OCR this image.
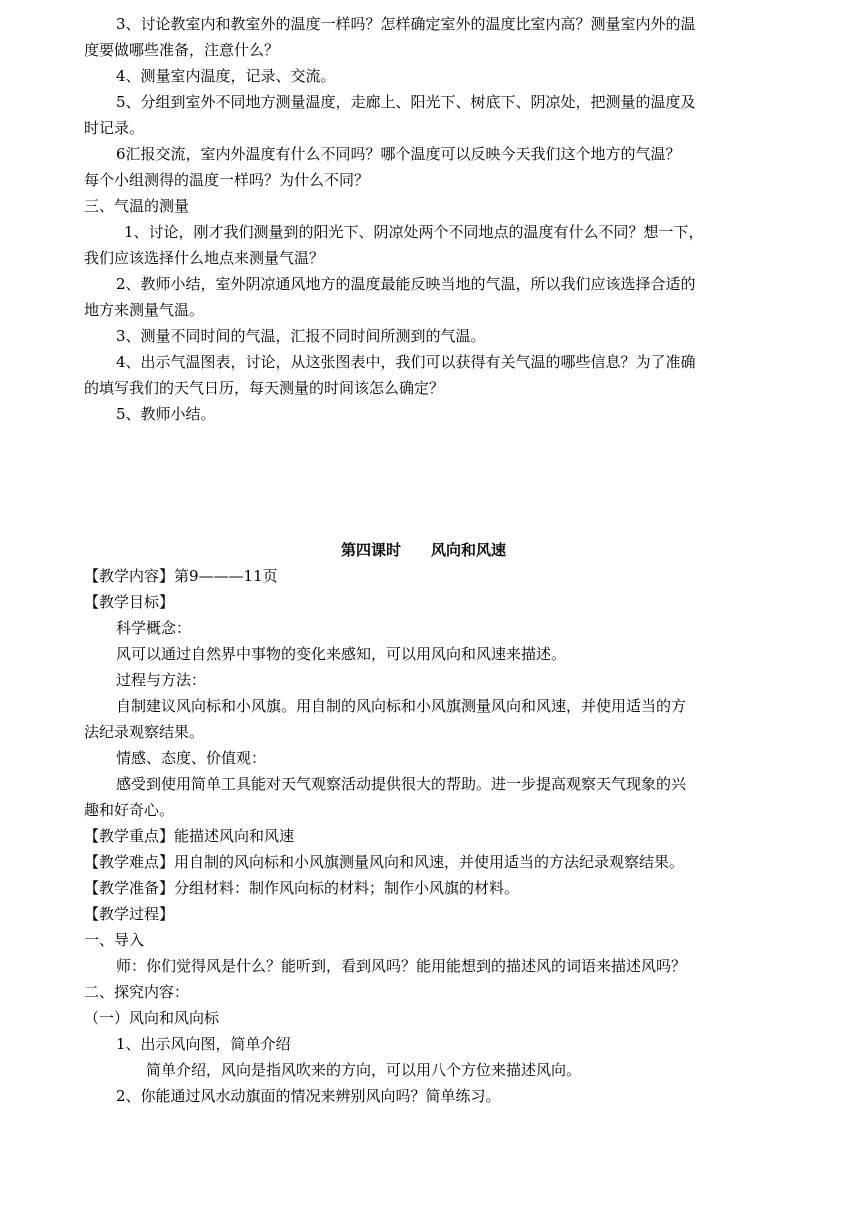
3、讨论教室内和教室外的温度一样吗？怎样确定室外的温度比室内高？测量室内外的温
度要做哪些准备，注意什么？
4、测量室内温度，记录、交流。
5、分组到室外不同地方测量温度，走廊上、阳光下、树底下、阴凉处，把测量的温度及
时记录。
6汇报交流，室内外温度有什么不同吗？哪个温度可以反映今天我们这个地方的气温？
每个小组测得的温度一样吗？为什么不同？
三、气温的测量
1、讨论，刚才我们测量到的阳光下、阴凉处两个不同地点的温度有什么不同？想一下，
我们应该选择什么地点来测量气温？
2、教师小结，室外阴凉通风地方的温度最能反映当地的气温，所以我们应该选择合适的
地方来测量气温。
3、测量不同时间的气温，汇报不同时间所测到的气温。
4、出示气温图表，讨论，从这张图表中，我们可以获得有关气温的哪些信息？为了准确
的填写我们的天气日历，每天测量的时间该怎么确定？
5、教师小结。
第四课时　　风向和风速
【教学内容】第9———11页
【教学目标】
科学概念：
风可以通过自然界中事物的变化来感知，可以用风向和风速来描述。
过程与方法：
自制建议风向标和小风旗。用自制的风向标和小风旗测量风向和风速，并使用适当的方
法纪录观察结果。
情感、态度、价值观：
感受到使用简单工具能对天气观察活动提供很大的帮助。进一步提高观察天气现象的兴
趣和好奇心。
【教学重点】能描述风向和风速
【教学难点】用自制的风向标和小风旗测量风向和风速，并使用适当的方法纪录观察结果。
【教学准备】分组材料：制作风向标的材料；制作小风旗的材料。
【教学过程】
一、导入
师：你们觉得风是什么？能听到，看到风吗？能用能想到的描述风的词语来描述风吗？
二、探究内容：
（一）风向和风向标
1、出示风向图，简单介绍
简单介绍，风向是指风吹来的方向，可以用八个方位来描述风向。
2、你能通过风水动旗面的情况来辨别风向吗？简单练习。
